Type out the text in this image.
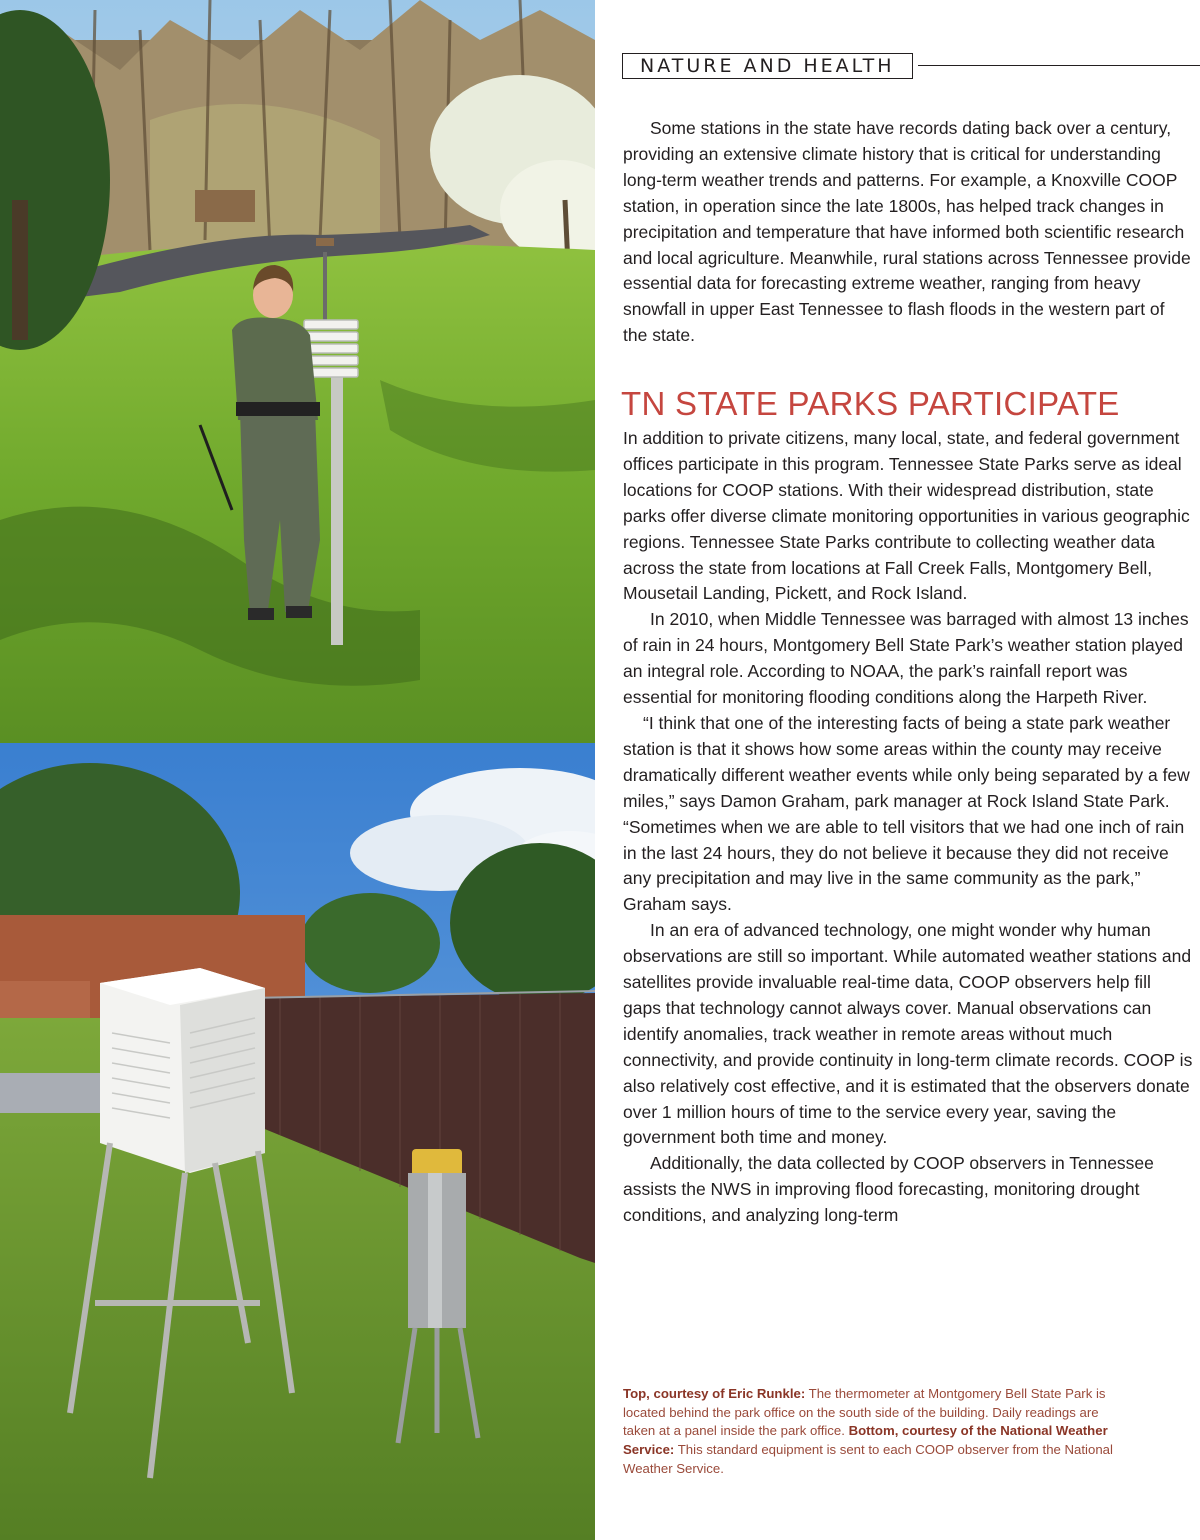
NATURE AND HEALTH

Some stations in the state have records dating back over a century, providing an extensive climate history that is critical for understanding long-term weather trends and patterns. For example, a Knoxville COOP station, in operation since the late 1800s, has helped track changes in precipitation and temperature that have informed both scientific research and local agriculture. Meanwhile, rural stations across Tennessee provide essential data for forecasting extreme weather, ranging from heavy snowfall in upper East Tennessee to flash floods in the western part of the state.

TN STATE PARKS PARTICIPATE

In addition to private citizens, many local, state, and federal government offices participate in this program. Tennessee State Parks serve as ideal locations for COOP stations. With their widespread distribution, state parks offer diverse climate monitoring opportunities in various geographic regions. Tennessee State Parks contribute to collecting weather data across the state from locations at Fall Creek Falls, Montgomery Bell, Mousetail Landing, Pickett, and Rock Island.

In 2010, when Middle Tennessee was barraged with almost 13 inches of rain in 24 hours, Montgomery Bell State Park’s weather station played an integral role. According to NOAA, the park’s rainfall report was essential for monitoring flooding conditions along the Harpeth River.

“I think that one of the interesting facts of being a state park weather station is that it shows how some areas within the county may receive dramatically different weather events while only being separated by a few miles,” says Damon Graham, park manager at Rock Island State Park. “Sometimes when we are able to tell visitors that we had one inch of rain in the last 24 hours, they do not believe it because they did not receive any precipitation and may live in the same community as the park,” Graham says.

In an era of advanced technology, one might wonder why human observations are still so important. While automated weather stations and satellites provide invaluable real-time data, COOP observers help fill gaps that technology cannot always cover. Manual observations can identify anomalies, track weather in remote areas without much connectivity, and provide continuity in long-term climate records. COOP is also relatively cost effective, and it is estimated that the observers donate over 1 million hours of time to the service every year, saving the government both time and money.

Additionally, the data collected by COOP observers in Tennessee assists the NWS in improving flood forecasting, monitoring drought conditions, and analyzing long-term

Top, courtesy of Eric Runkle: The thermometer at Montgomery Bell State Park is located behind the park office on the south side of the building. Daily readings are taken at a panel inside the park office. Bottom, courtesy of the National Weather Service: This standard equipment is sent to each COOP observer from the National Weather Service.
